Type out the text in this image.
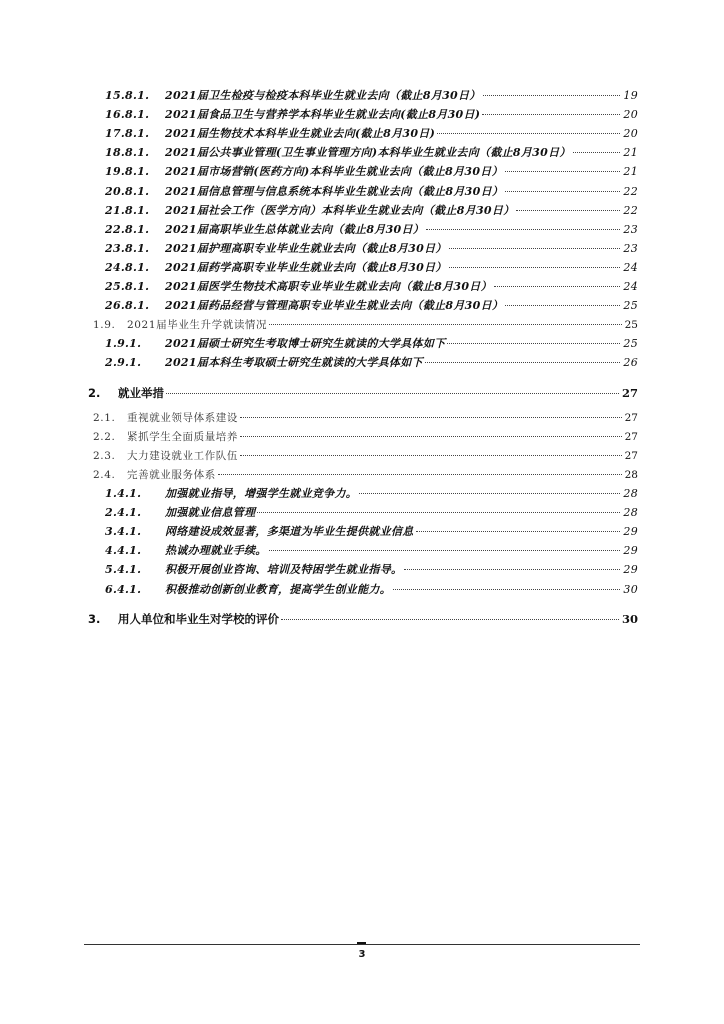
15.8.1.	2021届卫生检疫与检疫本科毕业生就业去向（截止8月30日）	19
16.8.1.	2021届食品卫生与营养学本科毕业生就业去向(截止8月30日)	20
17.8.1.	2021届生物技术本科毕业生就业去向(截止8月30日)	20
18.8.1.	2021届公共事业管理(卫生事业管理方向)本科毕业生就业去向（截止8月30日）	21
19.8.1.	2021届市场营销(医药方向)本科毕业生就业去向（截止8月30日）	21
20.8.1.	2021届信息管理与信息系统本科毕业生就业去向（截止8月30日）	22
21.8.1.	2021届社会工作（医学方向）本科毕业生就业去向（截止8月30日）	22
22.8.1.	2021届高职毕业生总体就业去向（截止8月30日）	23
23.8.1.	2021届护理高职专业毕业生就业去向（截止8月30日）	23
24.8.1.	2021届药学高职专业毕业生就业去向（截止8月30日）	24
25.8.1.	2021届医学生物技术高职专业毕业生就业去向（截止8月30日）	24
26.8.1.	2021届药品经营与管理高职专业毕业生就业去向（截止8月30日）	25
1.9.	2021届毕业生升学就读情况	25
1.9.1.	2021届硕士研究生考取博士研究生就读的大学具体如下	25
2.9.1.	2021届本科生考取硕士研究生就读的大学具体如下	26
2.	就业举措	27
2.1.	重视就业领导体系建设	27
2.2.	紧抓学生全面质量培养	27
2.3.	大力建设就业工作队伍	27
2.4.	完善就业服务体系	28
1.4.1.	加强就业指导，增强学生就业竞争力。	28
2.4.1.	加强就业信息管理	28
3.4.1.	网络建设成效显著，多渠道为毕业生提供就业信息	29
4.4.1.	热诚办理就业手续。	29
5.4.1.	积极开展创业咨询、培训及特困学生就业指导。	29
6.4.1.	积极推动创新创业教育，提高学生创业能力。	30
3.	用人单位和毕业生对学校的评价	30
3
